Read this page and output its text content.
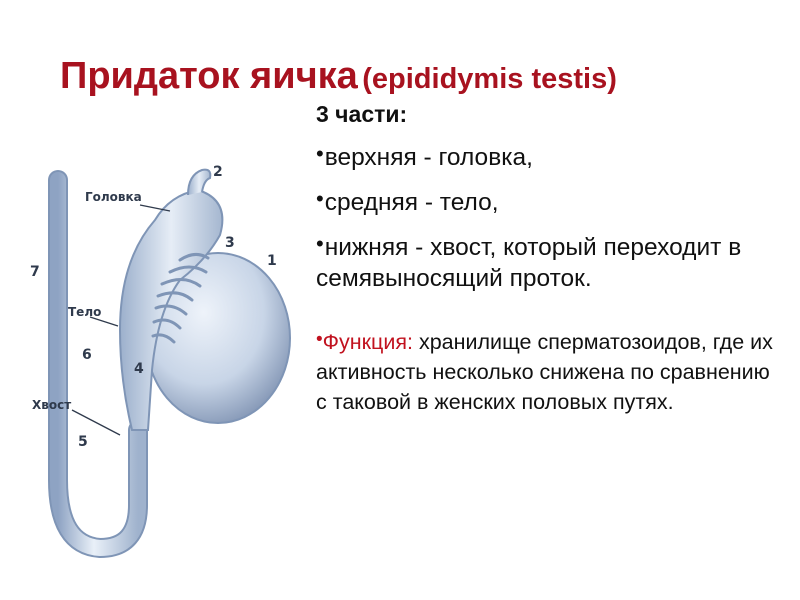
Придаток яичка (epididymis testis)
3 части:
•верхняя - головка,
•средняя - тело,
•нижняя - хвост, который переходит в семявыносящий проток.
•Функция: хранилище сперматозоидов, где их активность несколько снижена по сравнению с таковой в женских половых путях.
Головка
Тело
Хвост
1
2
3
4
5
6
7
